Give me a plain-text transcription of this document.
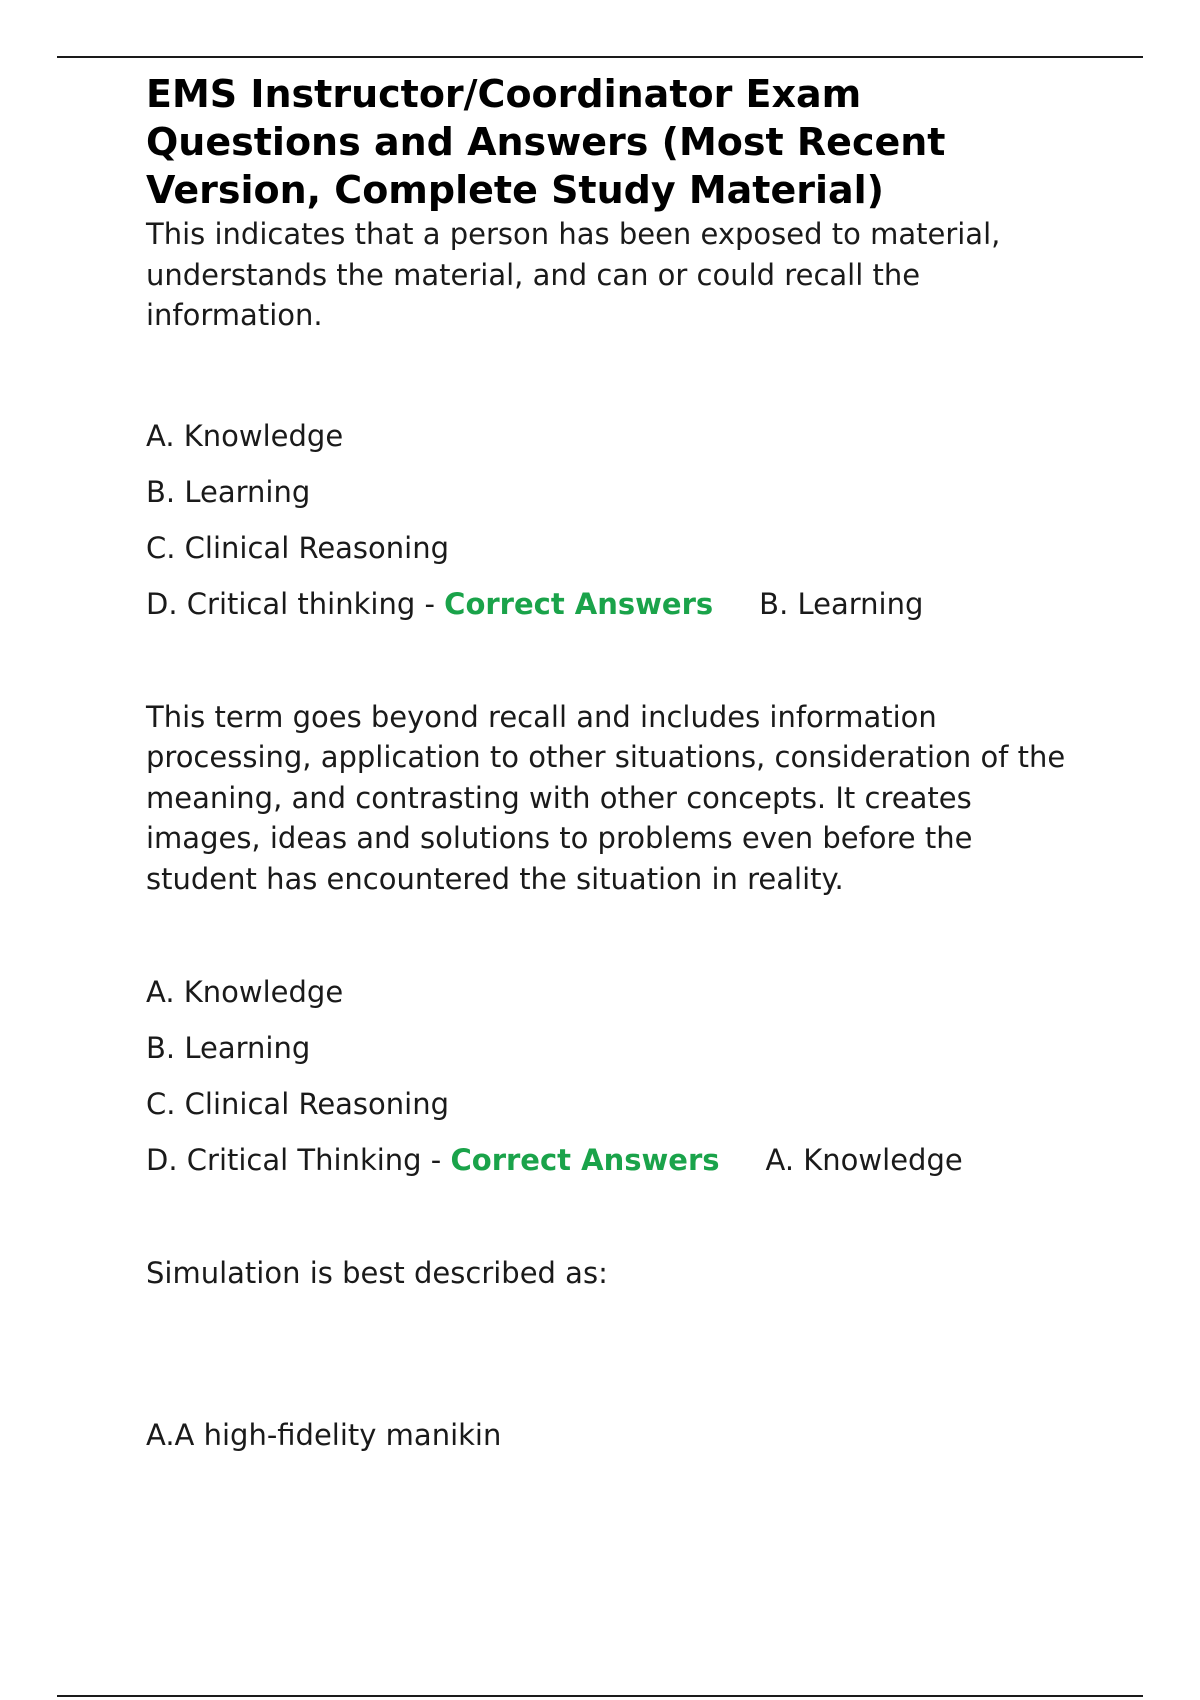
EMS Instructor/Coordinator Exam Questions and Answers (Most Recent Version, Complete Study Material)

This indicates that a person has been exposed to material, understands the material, and can or could recall the information.

A. Knowledge

B. Learning

C. Clinical Reasoning

D. Critical thinking - Correct Answers B. Learning

This term goes beyond recall and includes information processing, application to other situations, consideration of the meaning, and contrasting with other concepts. It creates images, ideas and solutions to problems even before the student has encountered the situation in reality.

A. Knowledge

B. Learning

C. Clinical Reasoning

D. Critical Thinking - Correct Answers A. Knowledge

Simulation is best described as:

A.A high-fidelity manikin
